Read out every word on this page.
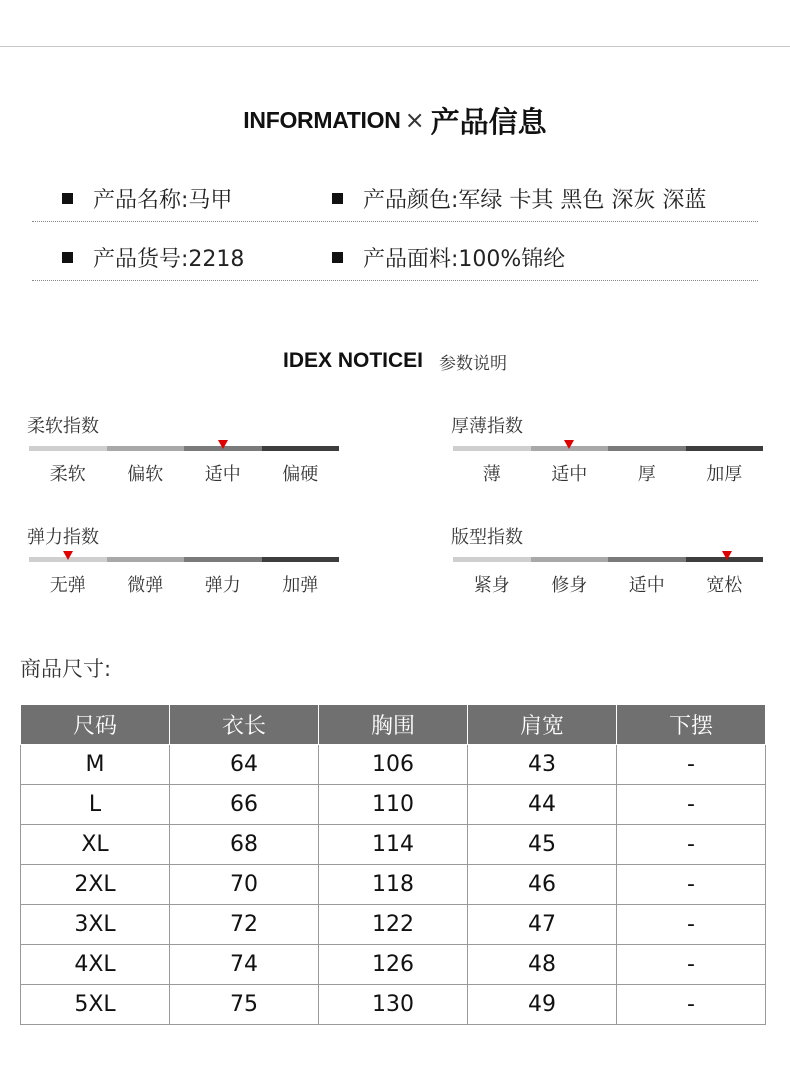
INFORMATION × 产品信息
产品名称:马甲	产品颜色:军绿 卡其 黑色 深灰 深蓝
产品货号:2218	产品面料:100%锦纶
IDEX NOTICEI 参数说明
柔软指数
柔软	偏软	适中	偏硬
厚薄指数
薄	适中	厚	加厚
弹力指数
无弹	微弹	弹力	加弹
版型指数
紧身	修身	适中	宽松
商品尺寸:
尺码	衣长	胸围	肩宽	下摆
M	64	106	43	-
L	66	110	44	-
XL	68	114	45	-
2XL	70	118	46	-
3XL	72	122	47	-
4XL	74	126	48	-
5XL	75	130	49	-
